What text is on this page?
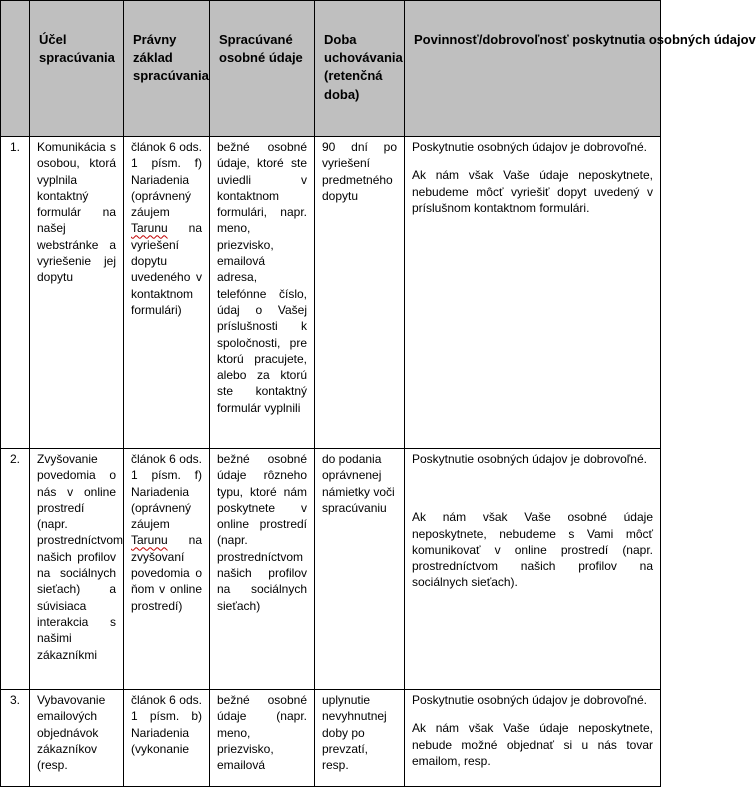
	Účel spracúvania	Právny základ spracúvania	Spracúvané osobné údaje	Doba uchovávania (retenčná doba)	Povinnosť/dobrovoľnosť poskytnutia osobných údajov

1.	Komunikácia s osobou, ktorá vyplnila kontaktný formulár na našej webstránke a vyriešenie jej dopytu	článok 6 ods. 1 písm. f) Nariadenia (oprávnený záujem Tarunu na vyriešení dopytu uvedeného v kontaktnom formulári)	bežné osobné údaje, ktoré ste uviedli v kontaktnom formulári, napr. meno, priezvisko, emailová adresa, telefónne číslo, údaj o Vašej príslušnosti k spoločnosti, pre ktorú pracujete, alebo za ktorú ste kontaktný formulár vyplnili	90 dní po vyriešení predmetného dopytu	Poskytnutie osobných údajov je dobrovoľné.

Ak nám však Vaše údaje neposkytnete, nebudeme môcť vyriešiť dopyt uvedený v príslušnom kontaktnom formulári.

2.	Zvyšovanie povedomia o nás v online prostredí (napr. prostredníctvom našich profilov na sociálnych sieťach) a súvisiaca interakcia s našimi zákazníkmi	článok 6 ods. 1 písm. f) Nariadenia (oprávnený záujem Tarunu na zvyšovaní povedomia o ňom v online prostredí)	bežné osobné údaje rôzneho typu, ktoré nám poskytnete v online prostredí (napr. prostredníctvom našich profilov na sociálnych sieťach)	do podania oprávnenej námietky voči spracúvaniu	Poskytnutie osobných údajov je dobrovoľné.

Ak nám však Vaše osobné údaje neposkytnete, nebudeme s Vami môcť komunikovať v online prostredí (napr. prostredníctvom našich profilov na sociálnych sieťach).

3.	Vybavovanie emailových objednávok zákazníkov (resp.	článok 6 ods. 1 písm. b) Nariadenia (vykonanie	bežné osobné údaje (napr. meno, priezvisko, emailová	uplynutie nevyhnutnej doby po prevzatí, resp.	Poskytnutie osobných údajov je dobrovoľné.

Ak nám však Vaše údaje neposkytnete, nebude možné objednať si u nás tovar emailom, resp.
